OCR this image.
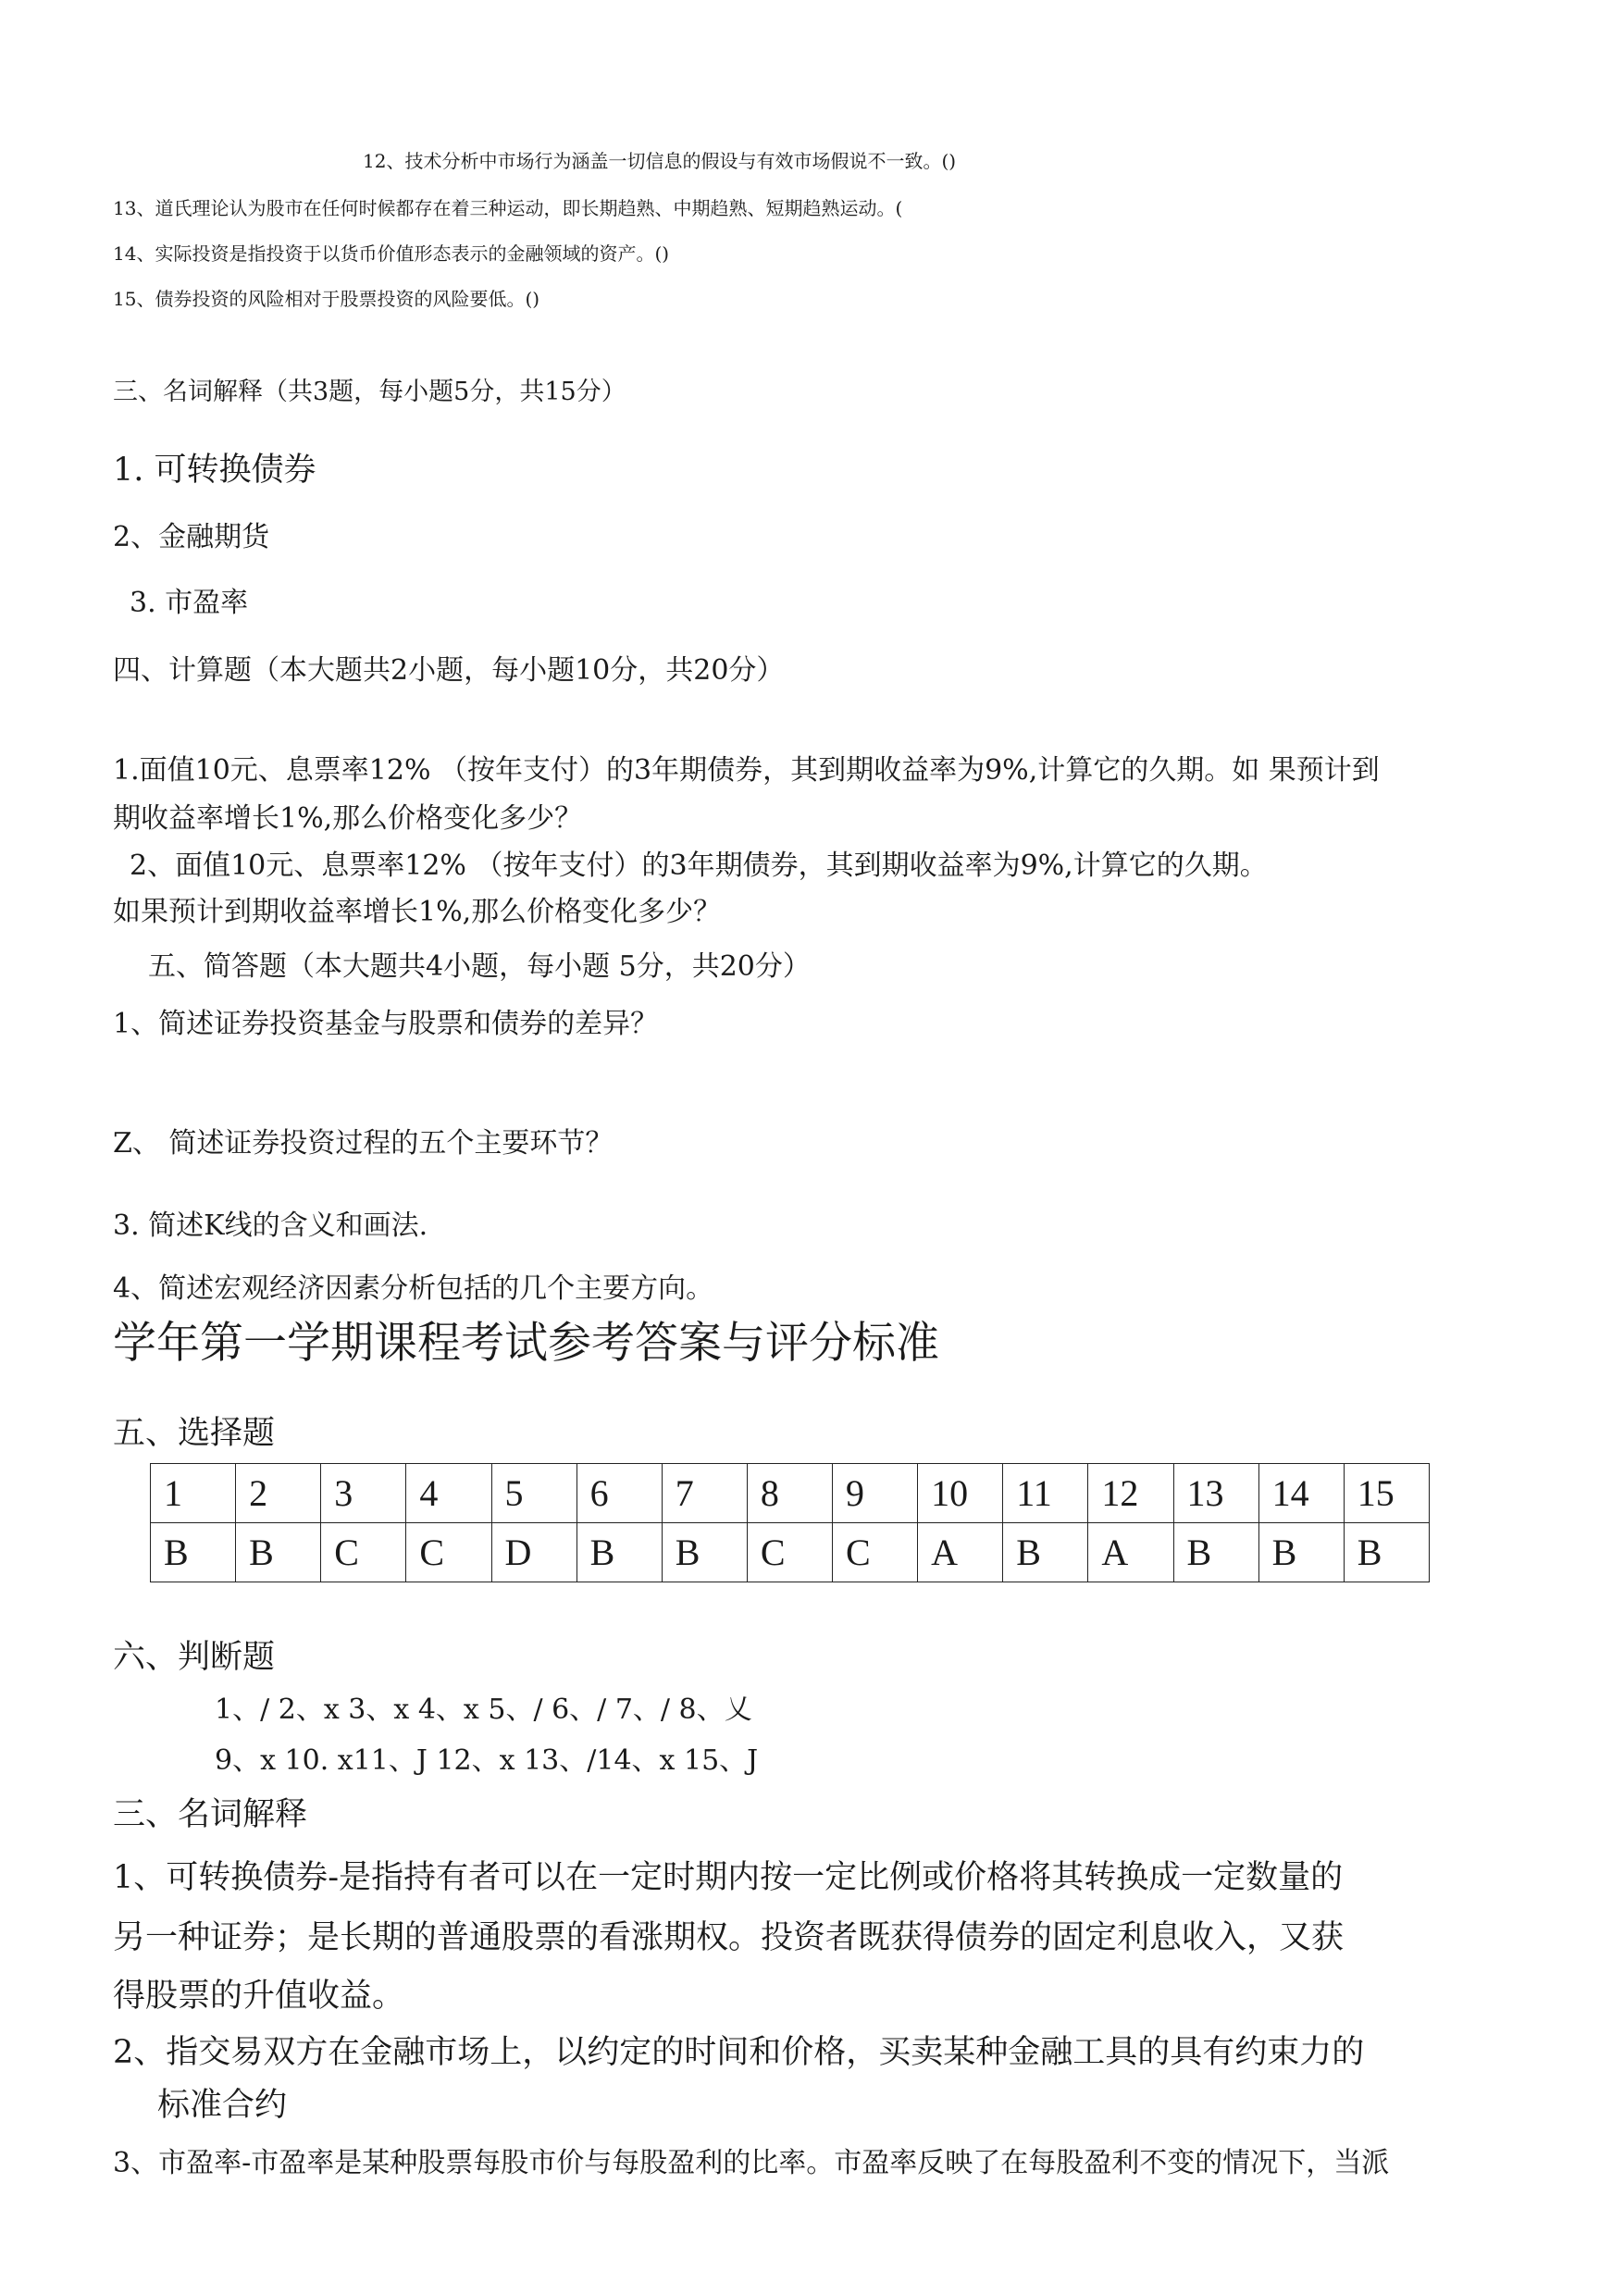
12、技术分析中市场行为涵盖一切信息的假设与有效市场假说不一致。()
13、道氏理论认为股市在任何时候都存在着三种运动，即长期趋熟、中期趋熟、短期趋熟运动。(
14、实际投资是指投资于以货币价值形态表示的金融领域的资产。()
15、债券投资的风险相对于股票投资的风险要低。()
三、名词解释（共3题，每小题5分，共15分）
1. 可转换债券
2、金融期货
3. 市盈率
四、计算题（本大题共2小题，每小题10分，共20分）
1.面值10元、息票率12% （按年支付）的3年期债券，其到期收益率为9%,计算它的久期。如 果预计到
期收益率增长1%,那么价格变化多少？
2、面值10元、息票率12% （按年支付）的3年期债券，其到期收益率为9%,计算它的久期。
如果预计到期收益率增长1%,那么价格变化多少？
五、简答题（本大题共4小题，每小题 5分，共20分）
1、简述证券投资基金与股票和债券的差异？
Z、 简述证券投资过程的五个主要环节？
3. 简述K线的含义和画法.
4、简述宏观经济因素分析包括的几个主要方向。
学年第一学期课程考试参考答案与评分标准
五、选择题
1	2	3	4	5	6	7	8	9	10	11	12	13	14	15
B	B	C	C	D	B	B	C	C	A	B	A	B	B	B
六、判断题
1、/ 2、x 3、x 4、x 5、/ 6、/ 7、/ 8、乂
9、x 10. x11、J 12、x 13、/14、x 15、J
三、名词解释
1、可转换债券-是指持有者可以在一定时期内按一定比例或价格将其转换成一定数量的
另一种证券；是长期的普通股票的看涨期权。投资者既获得债券的固定利息收入，又获
得股票的升值收益。
2、指交易双方在金融市场上，以约定的时间和价格，买卖某种金融工具的具有约束力的
标准合约
3、市盈率-市盈率是某种股票每股市价与每股盈利的比率。市盈率反映了在每股盈利不变的情况下，当派
